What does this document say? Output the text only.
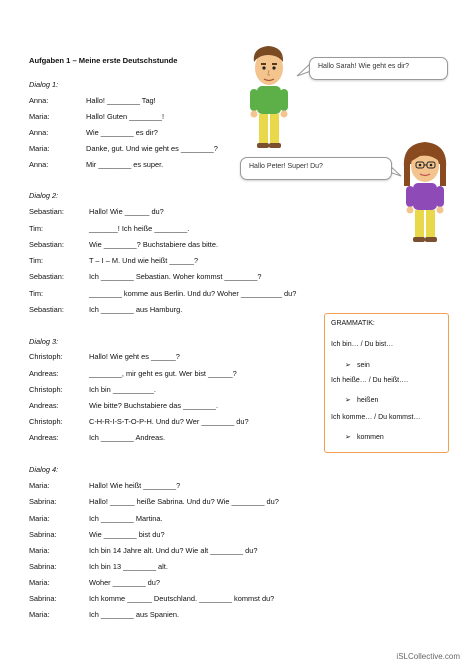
Aufgaben 1 – Meine erste Deutschstunde
Hallo Sarah! Wie geht es dir?
Hallo Peter! Super! Du?
Dialog 1:
Anna:	Hallo! ________ Tag!
Maria:	Hallo! Guten ________!
Anna:	Wie ________ es dir?
Maria:	Danke, gut. Und wie geht es ________?
Anna:	Mir ________ es super.
Dialog 2:
Sebastian:	Hallo! Wie ______ du?
Tim:	_______! Ich heiße ________.
Sebastian:	Wie ________? Buchstabiere das bitte.
Tim:	T – I – M. Und wie heißt ______?
Sebastian:	Ich ________ Sebastian. Woher kommst ________?
Tim:	________ komme aus Berlin. Und du? Woher __________ du?
Sebastian:	Ich ________ aus Hamburg.
Dialog 3:
Christoph:	Hallo! Wie geht es ______?
Andreas:	________, mir geht es gut. Wer bist ______?
Christoph:	Ich bin __________.
Andreas:	Wie bitte? Buchstabiere das ________.
Christoph:	C-H-R-I-S-T-O-P-H. Und du? Wer ________ du?
Andreas:	Ich ________ Andreas.
Dialog 4:
Maria:	Hallo! Wie heißt ________?
Sabrina:	Hallo! ______ heiße Sabrina. Und du? Wie ________ du?
Maria:	Ich ________ Martina.
Sabrina:	Wie ________ bist du?
Maria:	Ich bin 14 Jahre alt. Und du? Wie alt ________ du?
Sabrina:	Ich bin 13 ________ alt.
Maria:	Woher ________ du?
Sabrina:	Ich komme ______ Deutschland. ________ kommst du?
Maria:	Ich ________ aus Spanien.
GRAMMATIK:
Ich bin… / Du bist…
➢ sein
Ich heiße… / Du heißt….
➢ heißen
Ich komme… / Du kommst…
➢ kommen
iSLCollective.com
